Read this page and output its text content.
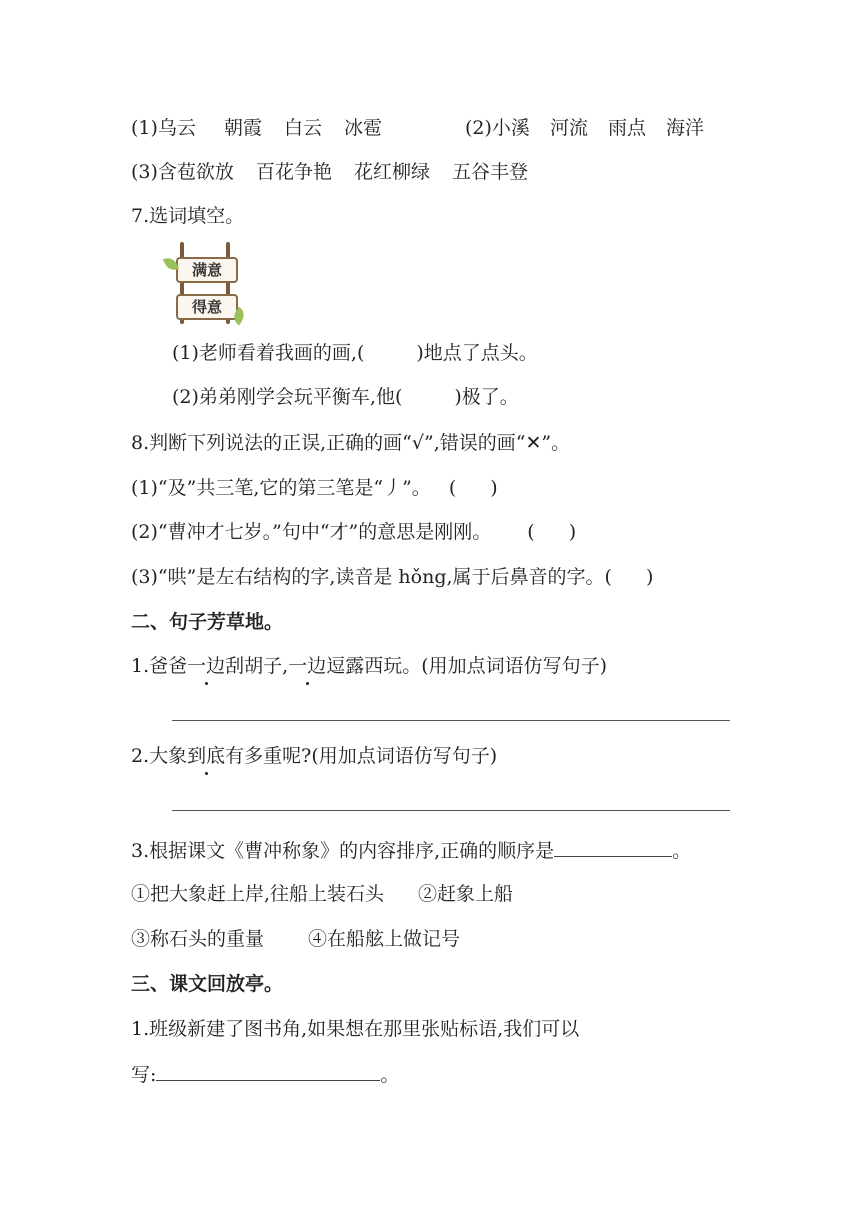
(1)乌云 朝霞 白云 冰雹	(2)小溪 河流 雨点 海洋
(3)含苞欲放 百花争艳 花红柳绿 五谷丰登
7.选词填空。
满意
得意
(1)老师看着我画的画,(	)地点了点头。
(2)弟弟刚学会玩平衡车,他(	)极了。
8.判断下列说法的正误,正确的画“√”,错误的画“✕”。
(1)“及”共三笔,它的第三笔是“丿”。 ( )
(2)“曹冲才七岁。”句中“才”的意思是刚刚。 ( )
(3)“哄”是左右结构的字,读音是 hǒng,属于后鼻音的字。( )
二、句子芳草地。
1.爸爸一边刮胡子,一边逗露西玩。(用加点词语仿写句子)
2.大象到底有多重呢?(用加点词语仿写句子)
3.根据课文《曹冲称象》的内容排序,正确的顺序是	。
①把大象赶上岸,往船上装石头 ②赶象上船
③称石头的重量 ④在船舷上做记号
三、课文回放亭。
1.班级新建了图书角,如果想在那里张贴标语,我们可以
写:	。
